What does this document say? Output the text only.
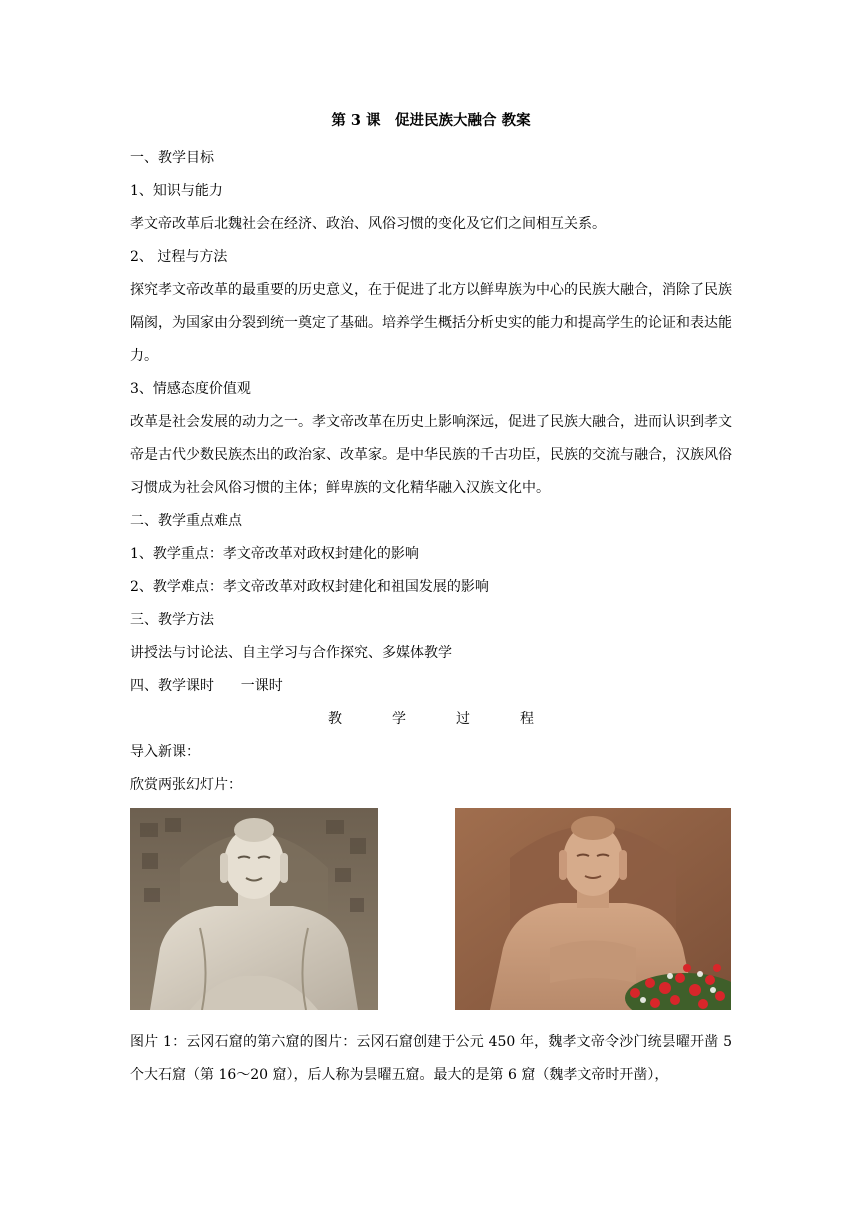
第 3 课　促进民族大融合 教案

一、教学目标

1、知识与能力

孝文帝改革后北魏社会在经济、政治、风俗习惯的变化及它们之间相互关系。

2、 过程与方法

探究孝文帝改革的最重要的历史意义，在于促进了北方以鲜卑族为中心的民族大融合，消除了民族隔阂，为国家由分裂到统一奠定了基础。培养学生概括分析史实的能力和提高学生的论证和表达能力。

3、情感态度价值观

改革是社会发展的动力之一。孝文帝改革在历史上影响深远，促进了民族大融合，进而认识到孝文帝是古代少数民族杰出的政治家、改革家。是中华民族的千古功臣，民族的交流与融合，汉族风俗习惯成为社会风俗习惯的主体；鲜卑族的文化精华融入汉族文化中。

二、教学重点难点

1、教学重点：孝文帝改革对政权封建化的影响

2、教学难点：孝文帝改革对政权封建化和祖国发展的影响

三、教学方法

讲授法与讨论法、自主学习与合作探究、多媒体教学

四、教学课时 一课时

教	学	过	程

导入新课：

欣赏两张幻灯片：

图片 1：云冈石窟的第六窟的图片：云冈石窟创建于公元 450 年，魏孝文帝令沙门统昙曜开凿 5 个大石窟（第 16～20 窟），后人称为昙曜五窟。最大的是第 6 窟（魏孝文帝时开凿），
